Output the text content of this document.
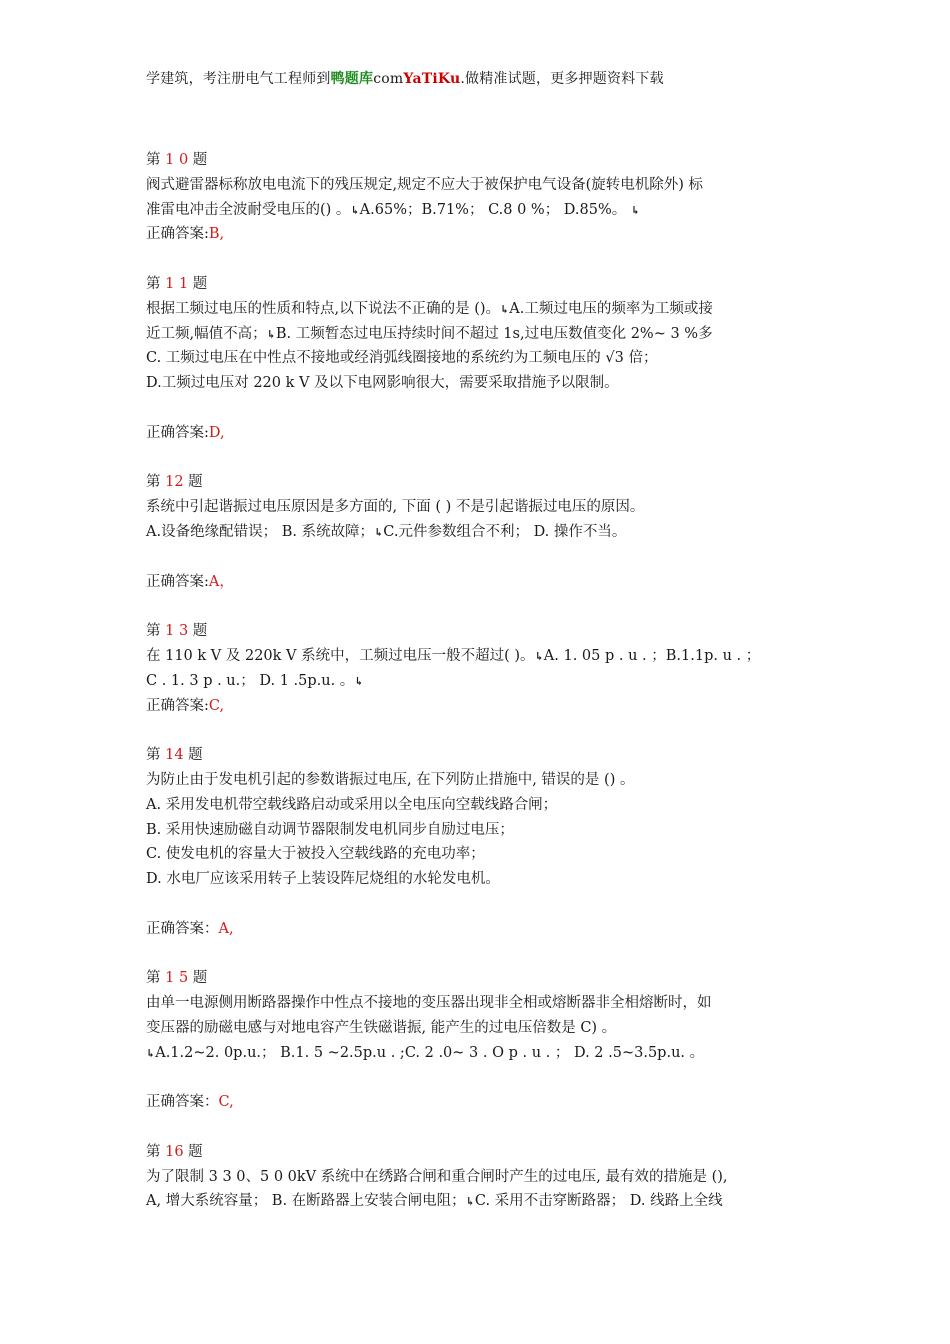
学建筑，考注册电气工程师到鸭题库comYaTiKu.做精准试题，更多押题资料下载
第 1 0 题
阀式避雷器标称放电电流下的残压规定,规定不应大于被保护电气设备(旋转电机除外) 标
准雷电冲击全波耐受电压的() 。↳A.65%；B.71%； C.8 0 %； D.85%。 ↳
正确答案:B,
第 1 1 题
根据工频过电压的性质和特点,以下说法不正确的是 ()。↳A.工频过电压的频率为工频或接
近工频,幅值不高；↳B. 工频暂态过电压持续时间不超过 1s,过电压数值变化 2%~ 3 %多
C. 工频过电压在中性点不接地或经消弧线圈接地的系统约为工频电压的 √3 倍；
D.工频过电压对 220 k V 及以下电网影响很大，需要采取措施予以限制。
正确答案:D,
第 12 题
系统中引起谐振过电压原因是多方面的, 下面 ( ) 不是引起谐振过电压的原因。
A.设备绝缘配错误； B. 系统故障；↳C.元件参数组合不利； D. 操作不当。
正确答案:A，
第 1 3 题
在 110 k V 及 220k V 系统中，工频过电压一般不超过( )。↳A. 1. 05 p . u . ；B.1.1p. u . ；
C . 1. 3 p . u.； D. 1 .5p.u. 。↳
正确答案:C,
第 14 题
为防止由于发电机引起的参数谐振过电压, 在下列防止措施中, 错误的是 () 。
A. 采用发电机带空载线路启动或采用以全电压向空载线路合闸；
B. 采用快速励磁自动调节器限制发电机同步自励过电压；
C. 使发电机的容量大于被投入空载线路的充电功率；
D. 水电厂应该采用转子上装设阵尼烧组的水轮发电机。
正确答案：A,
第 1 5 题
由单一电源侧用断路器操作中性点不接地的变压器出现非全相或熔断器非全相熔断时，如
变压器的励磁电感与对地电容产生铁磁谐振, 能产生的过电压倍数是 C) 。
↳A.1.2~2. 0p.u.； B.1. 5 ~2.5p.u . ;C. 2 .0~ 3 . O p . u . ； D. 2 .5~3.5p.u. 。
正确答案：C,
第 16 题
为了限制 3 3 0、5 0 0kV 系统中在绣路合闸和重合闸时产生的过电压, 最有效的措施是 (),
A, 增大系统容量； B. 在断路器上安装合闸电阻；↳C. 采用不击穿断路器； D. 线路上全线
